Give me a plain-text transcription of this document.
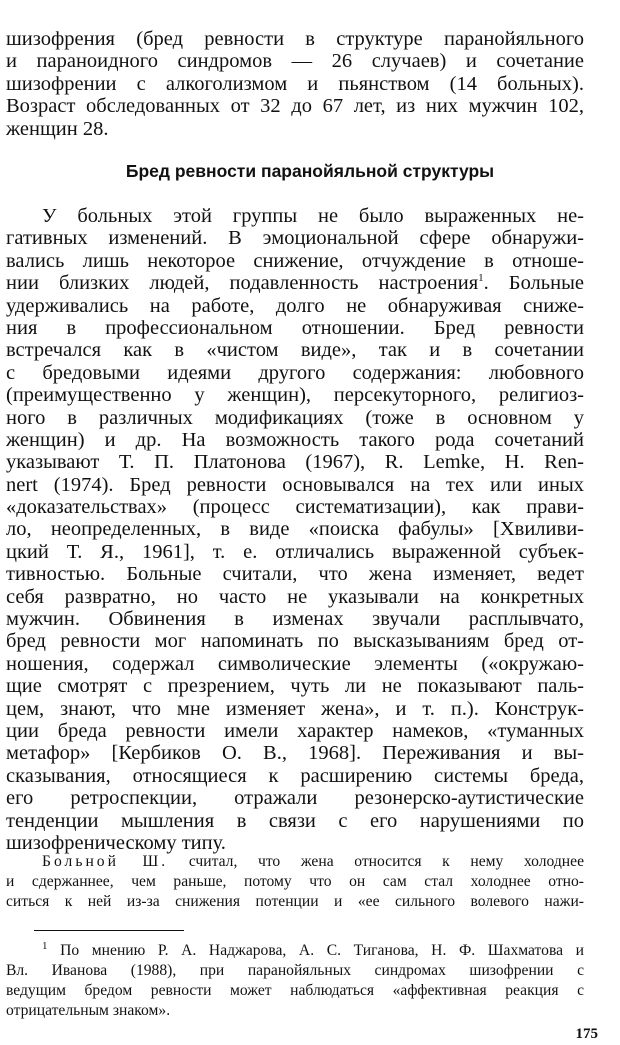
шизофрения (бред ревности в структуре паранойяльного
и параноидного синдромов — 26 случаев) и сочетание
шизофрении с алкоголизмом и пьянством (14 больных).
Возраст обследованных от 32 до 67 лет, из них мужчин 102,
женщин 28.
Бред ревности паранойяльной структуры
У больных этой группы не было выраженных не-
гативных изменений. В эмоциональной сфере обнаружи-
вались лишь некоторое снижение, отчуждение в отноше-
нии близких людей, подавленность настроения$^1$. Больные
удерживались на работе, долго не обнаруживая сниже-
ния в профессиональном отношении. Бред ревности
встречался как в «чистом виде», так и в сочетании
с бредовыми идеями другого содержания: любовного
(преимущественно у женщин), персекуторного, религиоз-
ного в различных модификациях (тоже в основном у
женщин) и др. На возможность такого рода сочетаний
указывают Т. П. Платонова (1967), R. Lemke, H. Ren-
nert (1974). Бред ревности основывался на тех или иных
«доказательствах» (процесс систематизации), как прави-
ло, неопределенных, в виде «поиска фабулы» [Хвиливи-
цкий Т. Я., 1961], т. е. отличались выраженной субъек-
тивностью. Больные считали, что жена изменяет, ведет
себя развратно, но часто не указывали на конкретных
мужчин. Обвинения в изменах звучали расплывчато,
бред ревности мог напоминать по высказываниям бред от-
ношения, содержал символические элементы («окружаю-
щие смотрят с презрением, чуть ли не показывают паль-
цем, знают, что мне изменяет жена», и т. п.). Конструк-
ции бреда ревности имели характер намеков, «туманных
метафор» [Кербиков О. В., 1968]. Переживания и вы-
сказывания, относящиеся к расширению системы бреда,
его ретроспекции, отражали резонерско-аутистические
тенденции мышления в связи с его нарушениями по
шизофреническому типу.
Больной Ш. считал, что жена относится к нему холоднее
и сдержаннее, чем раньше, потому что он сам стал холоднее отно-
ситься к ней из-за снижения потенции и «ее сильного волевого нажи-
$^1$ По мнению Р. А. Наджарова, А. С. Тиганова, Н. Ф. Шахматова и
Вл. Иванова (1988), при паранойяльных синдромах шизофрении с
ведущим бредом ревности может наблюдаться «аффективная реакция с
отрицательным знаком».
175
